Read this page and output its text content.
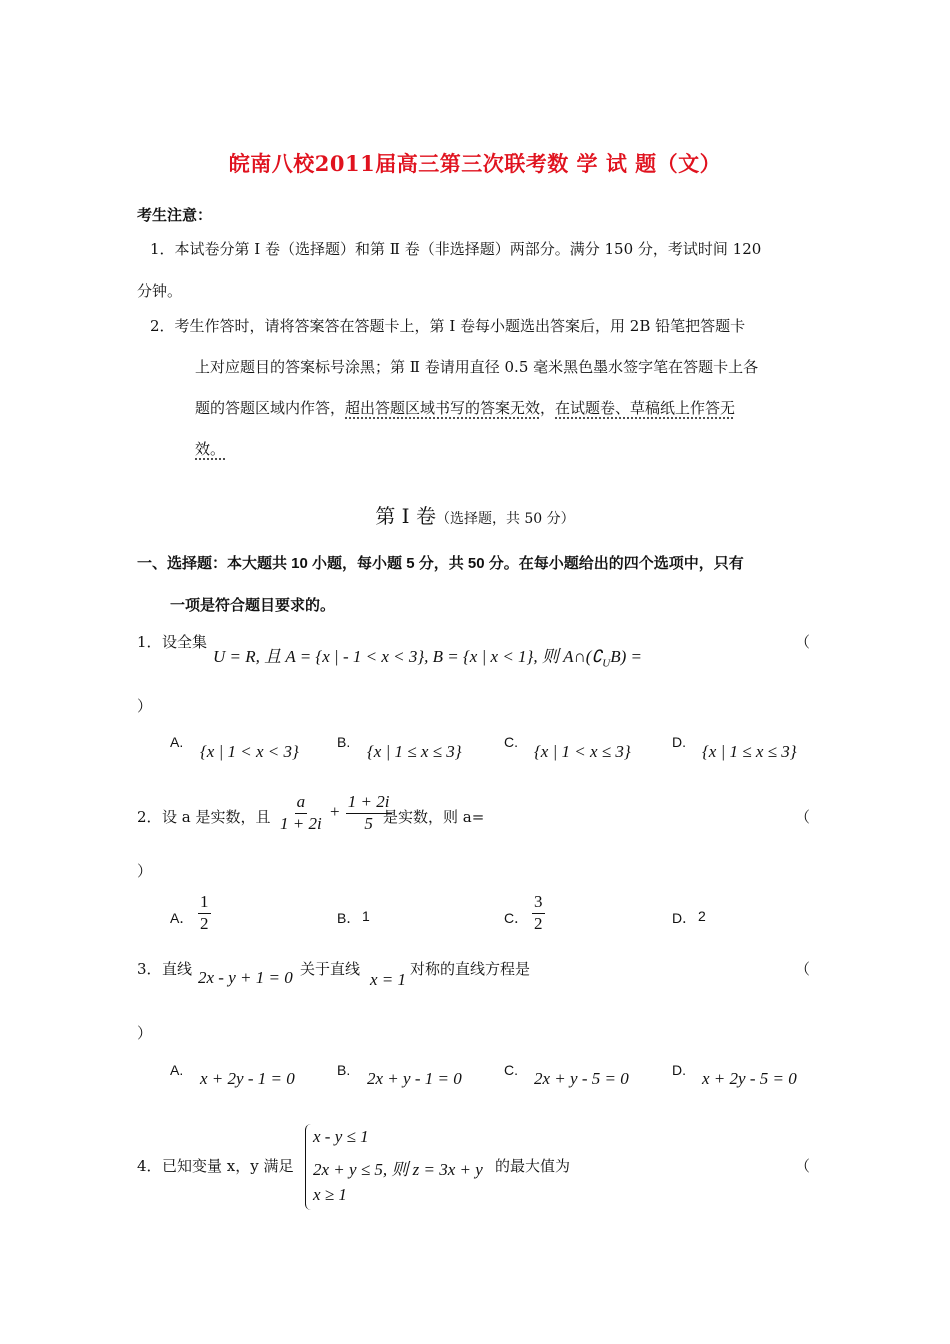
皖南八校2011届高三第三次联考数 学 试 题（文）
考生注意：
1．本试卷分第 Ⅰ 卷（选择题）和第 Ⅱ 卷（非选择题）两部分。满分 150 分，考试时间 120
分钟。
2．考生作答时，请将答案答在答题卡上，第 Ⅰ 卷每小题选出答案后，用 2B 铅笔把答题卡
上对应题目的答案标号涂黑；第 Ⅱ 卷请用直径 0.5 毫米黑色墨水签字笔在答题卡上各
题的答题区域内作答，超出答题区域书写的答案无效，在试题卷、草稿纸上作答无
效。
第 Ⅰ 卷（选择题，共 50 分）
一、选择题：本大题共 10 小题，每小题 5 分，共 50 分。在每小题给出的四个选项中，只有
一项是符合题目要求的。
1． 设全集
U = R, 且 A = {x | - 1 < x < 3}, B = {x | x < 1}, 则 $A\cap(∁_UB)$ =
（
）
A. {x | 1 < x < 3}	B. {x | 1 ≤ x ≤ 3}	C. {x | 1 < x ≤ 3}	D. {x | 1 ≤ x ≤ 3}
2． 设 a 是实数，且 $\frac{a}{1 + 2i} + \frac{1 + 2i}{5}$
是实数，则 a=	（
）
A． $\frac{1}{2}$	B． 1	C． $\frac{3}{2}$	D． 2
3． 直线 2x - y + 1 = 0 关于直线
x = 1
对称的直线方程是	（
）
A. x + 2y - 1 = 0	B. 2x + y - 1 = 0	C. 2x + y - 5 = 0	D. x + 2y - 5 = 0
4． 已知变量 x，y 满足
x - y ≤ 1
2x + y ≤ 5, 则 z = 3x + y
x ≥ 1
的最大值为	（
